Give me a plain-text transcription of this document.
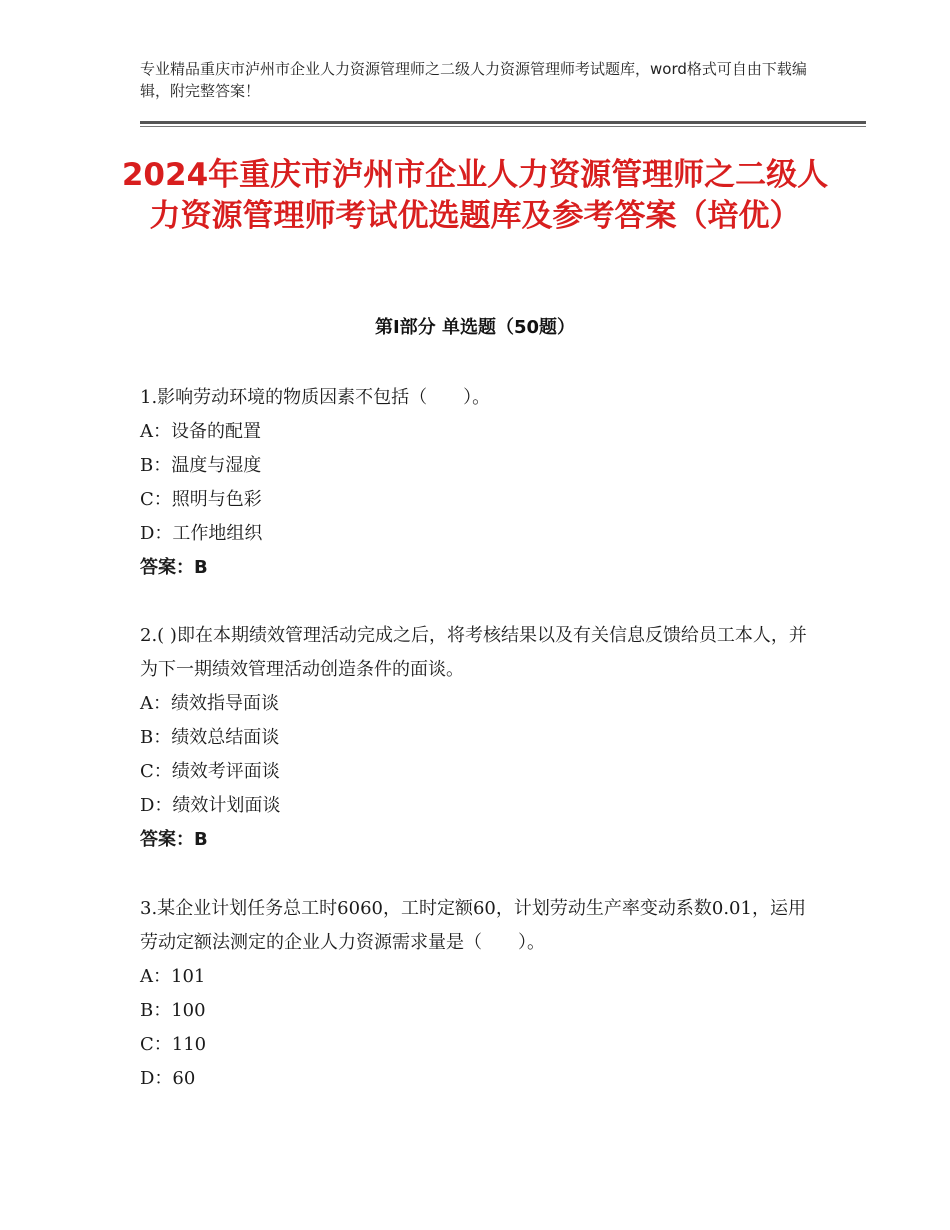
专业精品重庆市泸州市企业人力资源管理师之二级人力资源管理师考试题库，word格式可自由下载编辑，附完整答案！
2024年重庆市泸州市企业人力资源管理师之二级人力资源管理师考试优选题库及参考答案（培优）
第Ⅰ部分 单选题（50题）

1.影响劳动环境的物质因素不包括（　　）。

A：设备的配置

B：温度与湿度

C：照明与色彩

D：工作地组织

答案：B

2.( )即在本期绩效管理活动完成之后，将考核结果以及有关信息反馈给员工本人，并为下一期绩效管理活动创造条件的面谈。

A：绩效指导面谈

B：绩效总结面谈

C：绩效考评面谈

D：绩效计划面谈

答案：B

3.某企业计划任务总工时6060，工时定额60，计划劳动生产率变动系数0.01，运用劳动定额法测定的企业人力资源需求量是（　　）。

A：101

B：100

C：110

D：60
